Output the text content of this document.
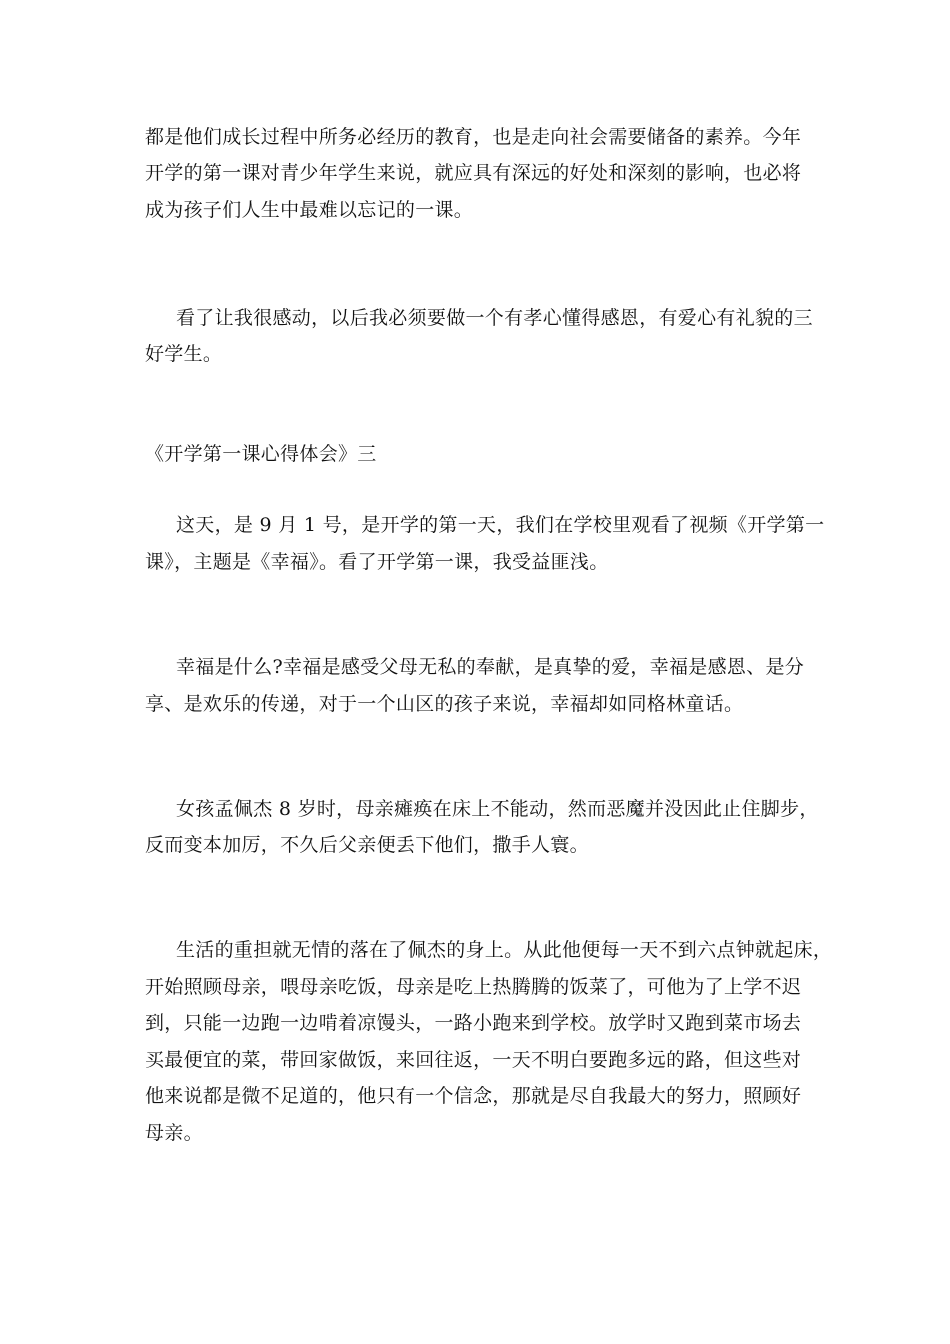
都是他们成长过程中所务必经历的教育，也是走向社会需要储备的素养。今年
开学的第一课对青少年学生来说，就应具有深远的好处和深刻的影响，也必将
成为孩子们人生中最难以忘记的一课。
看了让我很感动，以后我必须要做一个有孝心懂得感恩，有爱心有礼貌的三
好学生。
《开学第一课心得体会》三
这天，是 9 月 1 号，是开学的第一天，我们在学校里观看了视频《开学第一
课》，主题是《幸福》。看了开学第一课，我受益匪浅。
幸福是什么?幸福是感受父母无私的奉献，是真挚的爱，幸福是感恩、是分
享、是欢乐的传递，对于一个山区的孩子来说，幸福却如同格林童话。
女孩孟佩杰 8 岁时，母亲瘫痪在床上不能动，然而恶魔并没因此止住脚步，
反而变本加厉，不久后父亲便丢下他们，撒手人寰。
生活的重担就无情的落在了佩杰的身上。从此他便每一天不到六点钟就起床，
开始照顾母亲，喂母亲吃饭，母亲是吃上热腾腾的饭菜了，可他为了上学不迟
到，只能一边跑一边啃着凉馒头，一路小跑来到学校。放学时又跑到菜市场去
买最便宜的菜，带回家做饭，来回往返，一天不明白要跑多远的路，但这些对
他来说都是微不足道的，他只有一个信念，那就是尽自我最大的努力，照顾好
母亲。
